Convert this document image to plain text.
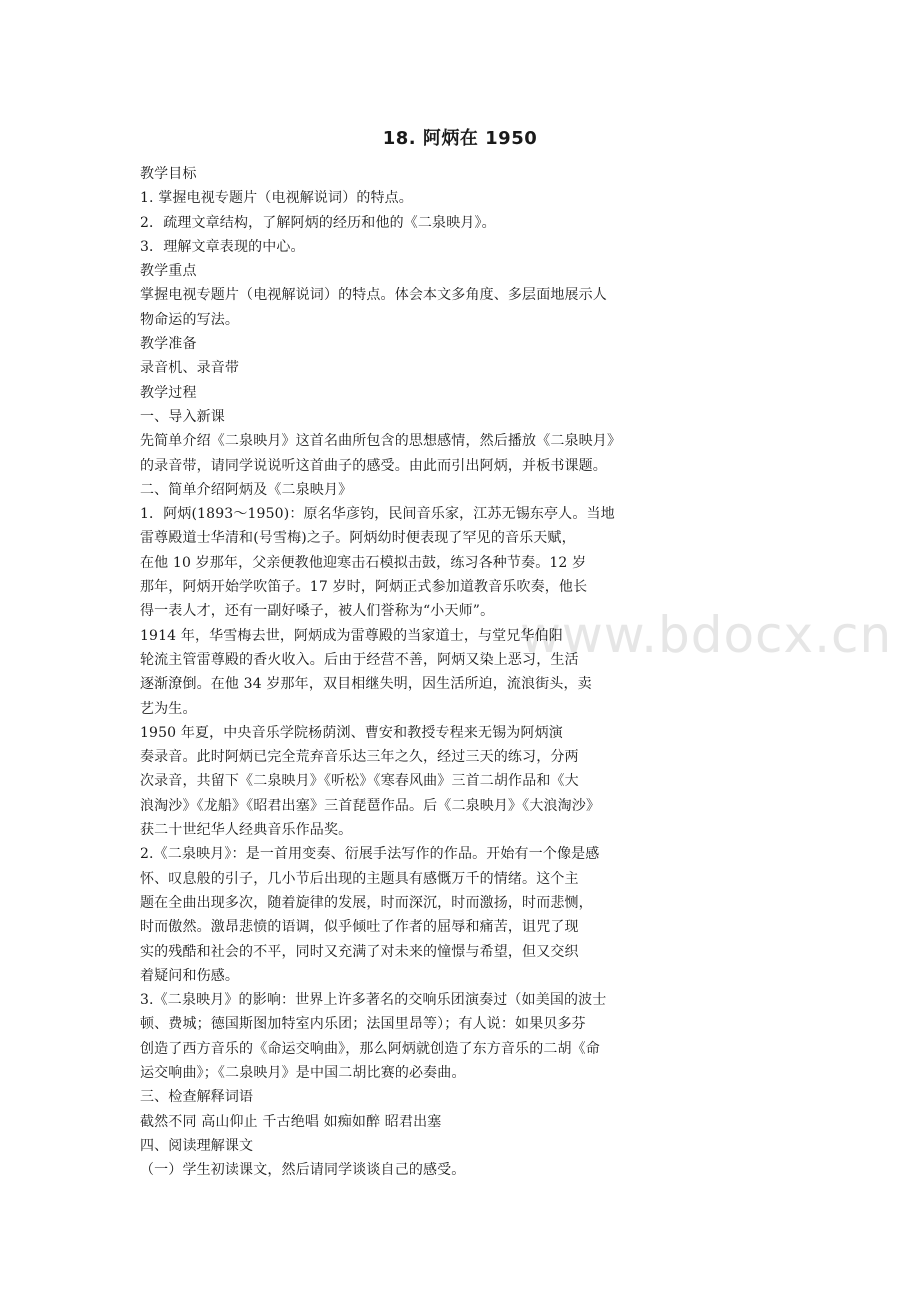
www.bdocx.cn
18. 阿炳在 1950
教学目标
1. 掌握电视专题片（电视解说词）的特点。
2．疏理文章结构，了解阿炳的经历和他的《二泉映月》。
3．理解文章表现的中心。
教学重点
掌握电视专题片（电视解说词）的特点。体会本文多角度、多层面地展示人
物命运的写法。
教学准备
录音机、录音带
教学过程
一、导入新课
先简单介绍《二泉映月》这首名曲所包含的思想感情，然后播放《二泉映月》
的录音带，请同学说说听这首曲子的感受。由此而引出阿炳，并板书课题。
二、简单介绍阿炳及《二泉映月》
1．阿炳(1893～1950)：原名华彦钧，民间音乐家，江苏无锡东亭人。当地
雷尊殿道士华清和(号雪梅)之子。阿炳幼时便表现了罕见的音乐天赋，
在他 10 岁那年，父亲便教他迎寒击石模拟击鼓，练习各种节奏。12 岁
那年，阿炳开始学吹笛子。17 岁时，阿炳正式参加道教音乐吹奏，他长
得一表人才，还有一副好嗓子，被人们誉称为“小天师”。
1914 年，华雪梅去世，阿炳成为雷尊殿的当家道士，与堂兄华伯阳
轮流主管雷尊殿的香火收入。后由于经营不善，阿炳又染上恶习，生活
逐渐潦倒。在他 34 岁那年，双目相继失明，因生活所迫，流浪街头，卖
艺为生。
1950 年夏，中央音乐学院杨荫浏、曹安和教授专程来无锡为阿炳演
奏录音。此时阿炳已完全荒弃音乐达三年之久，经过三天的练习，分两
次录音，共留下《二泉映月》《听松》《寒春风曲》三首二胡作品和《大
浪淘沙》《龙船》《昭君出塞》三首琵琶作品。后《二泉映月》《大浪淘沙》
获二十世纪华人经典音乐作品奖。
2.《二泉映月》：是一首用变奏、衍展手法写作的作品。开始有一个像是感
怀、叹息般的引子，几小节后出现的主题具有感慨万千的情绪。这个主
题在全曲出现多次，随着旋律的发展，时而深沉，时而激扬，时而悲恻，
时而傲然。激昂悲愤的语调，似乎倾吐了作者的屈辱和痛苦，诅咒了现
实的残酷和社会的不平，同时又充满了对未来的憧憬与希望，但又交织
着疑问和伤感。
3.《二泉映月》的影响：世界上许多著名的交响乐团演奏过（如美国的波士
顿、费城；德国斯图加特室内乐团；法国里昂等）；有人说：如果贝多芬
创造了西方音乐的《命运交响曲》，那么阿炳就创造了东方音乐的二胡《命
运交响曲》；《二泉映月》是中国二胡比赛的必奏曲。
三、检查解释词语
截然不同 高山仰止 千古绝唱 如痴如醉 昭君出塞
四、阅读理解课文
（一）学生初读课文，然后请同学谈谈自己的感受。
